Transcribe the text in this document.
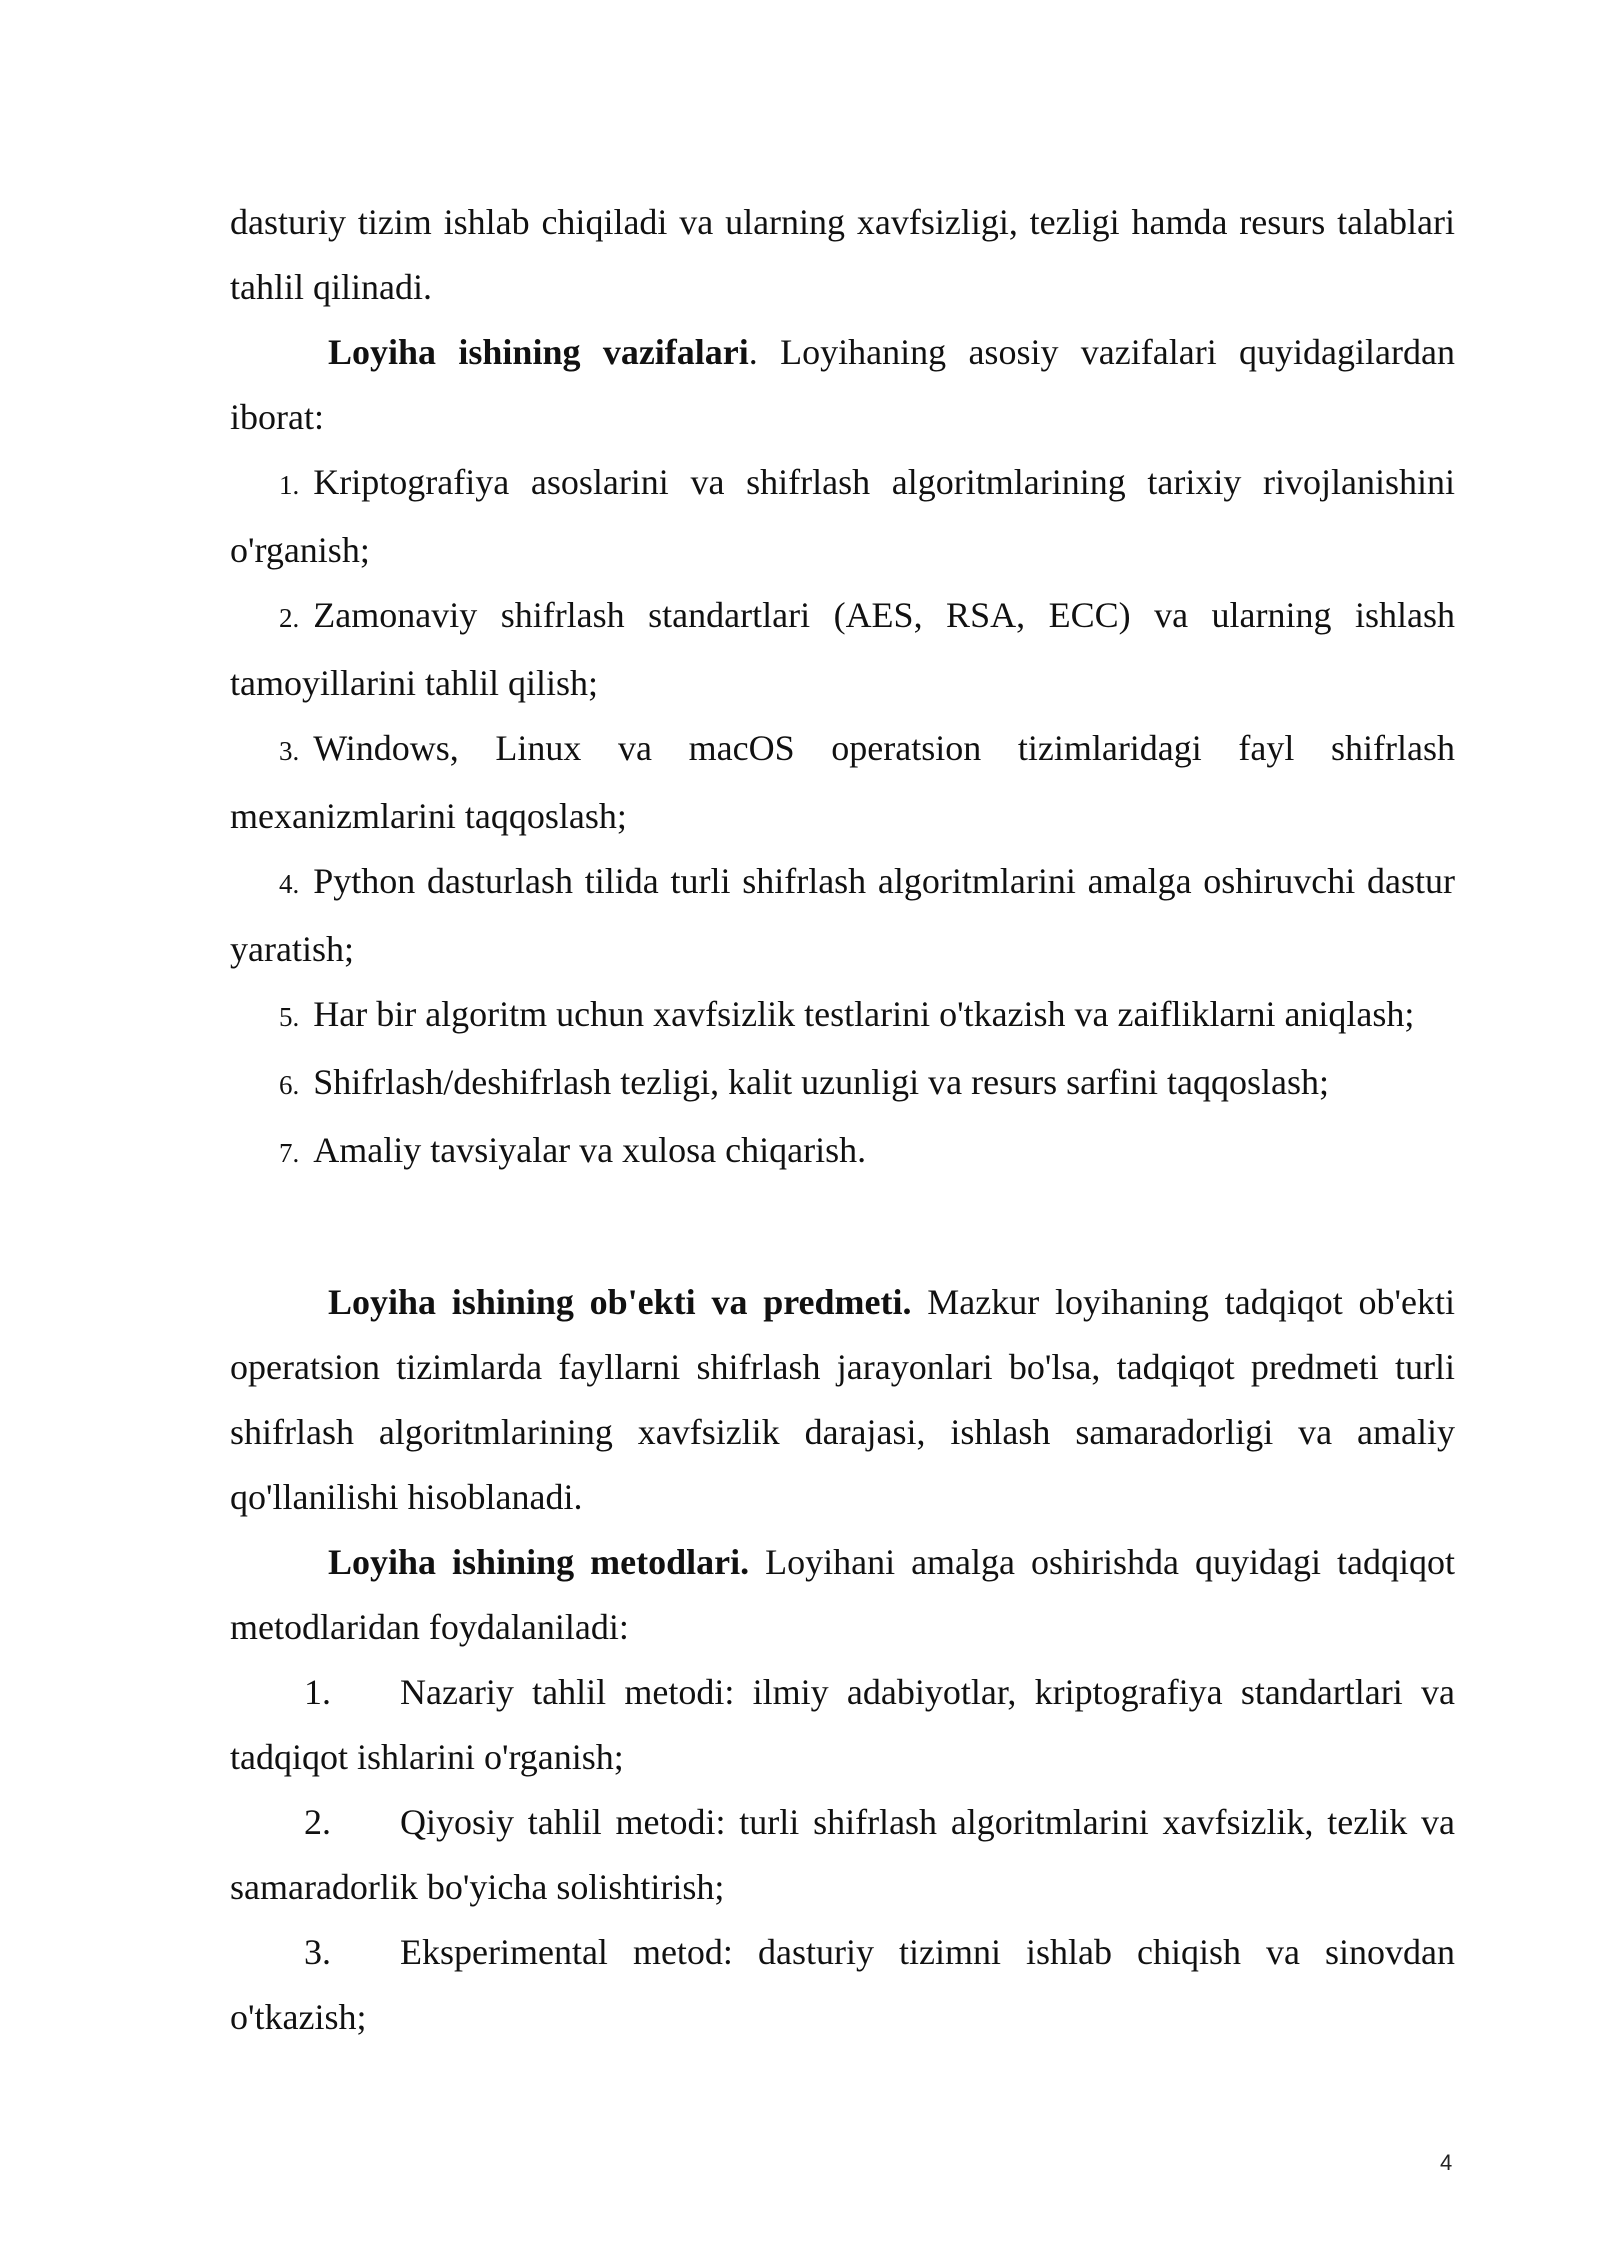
dasturiy tizim ishlab chiqiladi va ularning xavfsizligi, tezligi hamda resurs talablari tahlil qilinadi.

Loyiha ishining vazifalari. Loyihaning asosiy vazifalari quyidagilardan iborat:

1. Kriptografiya asoslarini va shifrlash algoritmlarining tarixiy rivojlanishini o'rganish;

2. Zamonaviy shifrlash standartlari (AES, RSA, ECC) va ularning ishlash tamoyillarini tahlil qilish;

3. Windows, Linux va macOS operatsion tizimlaridagi fayl shifrlash mexanizmlarini taqqoslash;

4. Python dasturlash tilida turli shifrlash algoritmlarini amalga oshiruvchi dastur yaratish;

5. Har bir algoritm uchun xavfsizlik testlarini o'tkazish va zaifliklarni aniqlash;

6. Shifrlash/deshifrlash tezligi, kalit uzunligi va resurs sarfini taqqoslash;

7. Amaliy tavsiyalar va xulosa chiqarish.

Loyiha ishining ob'ekti va predmeti. Mazkur loyihaning tadqiqot ob'ekti operatsion tizimlarda fayllarni shifrlash jarayonlari bo'lsa, tadqiqot predmeti turli shifrlash algoritmlarining xavfsizlik darajasi, ishlash samaradorligi va amaliy qo'llanilishi hisoblanadi.

Loyiha ishining metodlari. Loyihani amalga oshirishda quyidagi tadqiqot metodlaridan foydalaniladi:

1. Nazariy tahlil metodi: ilmiy adabiyotlar, kriptografiya standartlari va tadqiqot ishlarini o'rganish;

2. Qiyosiy tahlil metodi: turli shifrlash algoritmlarini xavfsizlik, tezlik va samaradorlik bo'yicha solishtirish;

3. Eksperimental metod: dasturiy tizimni ishlab chiqish va sinovdan o'tkazish;

4
